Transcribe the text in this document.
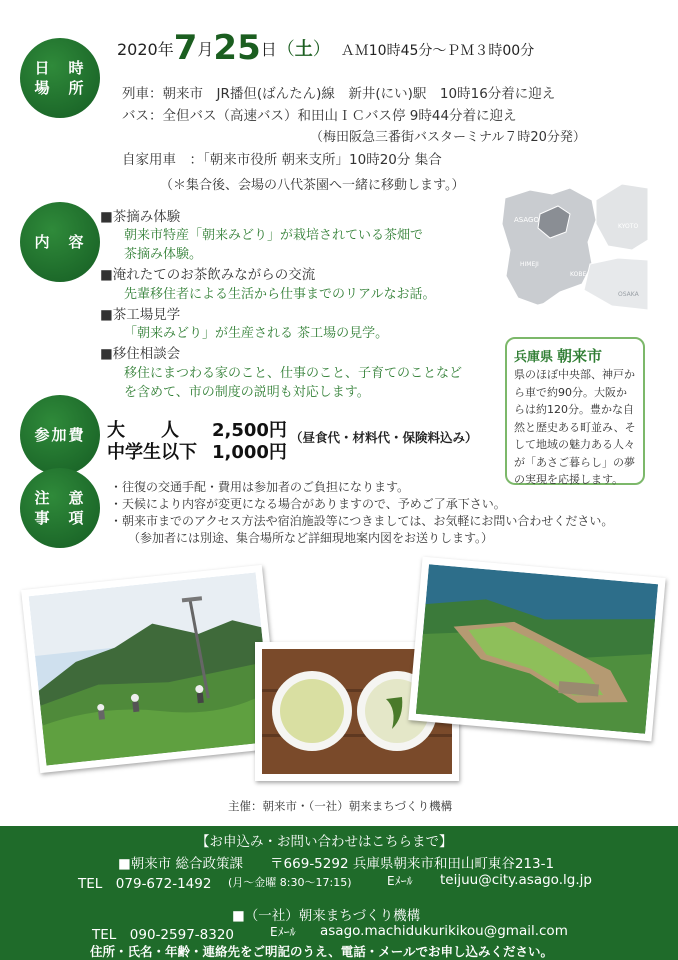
日　時
場　所
内　容
参加費
注　意
事　項
2020年7月25日（土） ＡＭ10時45分～ＰＭ３時00分
列車：朝来市　JR播但(ばんたん)線　新井(にい)駅　10時16分着に迎え
バス：全但バス（高速バス）和田山ＩＣバス停 9時44分着に迎え
（梅田阪急三番街バスターミナル７時20分発）
自家用車　：「朝来市役所 朝来支所」10時20分 集合
（＊集合後、会場の八代茶園へ一緒に移動します。）
■茶摘み体験
朝来市特産「朝来みどり」が栽培されている茶畑で
茶摘み体験。
■淹れたてのお茶飲みながらの交流
先輩移住者による生活から仕事までのリアルなお話。
■茶工場見学
「朝来みどり」が生産される 茶工場の見学。
■移住相談会
移住にまつわる家のこと、仕事のこと、子育てのことなど
を含めて、市の制度の説明も対応します。
大　　人 2,500円
中学生以下 1,000円
（昼食代・材料代・保険料込み）
・往復の交通手配・費用は参加者のご負担になります。
・天候により内容が変更になる場合がありますので、予めご了承下さい。
・朝来市までのアクセス方法や宿泊施設等につきましては、お気軽にお問い合わせください。
（参加者には別途、集合場所など詳細現地案内図をお送りします。）
ASAGO
KYOTO
HIMEJI
KOBE
OSAKA
兵庫県 朝来市
県のほぼ中央部、神戸か
ら車で約90分。大阪か
らは約120分。豊かな自
然と歴史ある町並み、そ
して地域の魅力ある人々
が「あさご暮らし」の夢
の実現を応援します。
主催：朝来市・（一社）朝来まちづくり機構
【お申込み・お問い合わせはこちらまで】
■朝来市 総合政策課　　〒669-5292 兵庫県朝来市和田山町東谷213-1
TEL　079-672-1492 (月～金曜 8:30～17:15)	Eﾒｰﾙ teijuu@city.asago.lg.jp
■（一社）朝来まちづくり機構
TEL　090-2597-8320	Eﾒｰﾙ asago.machidukurikikou@gmail.com
住所・氏名・年齢・連絡先をご明記のうえ、電話・メールでお申し込みください。
